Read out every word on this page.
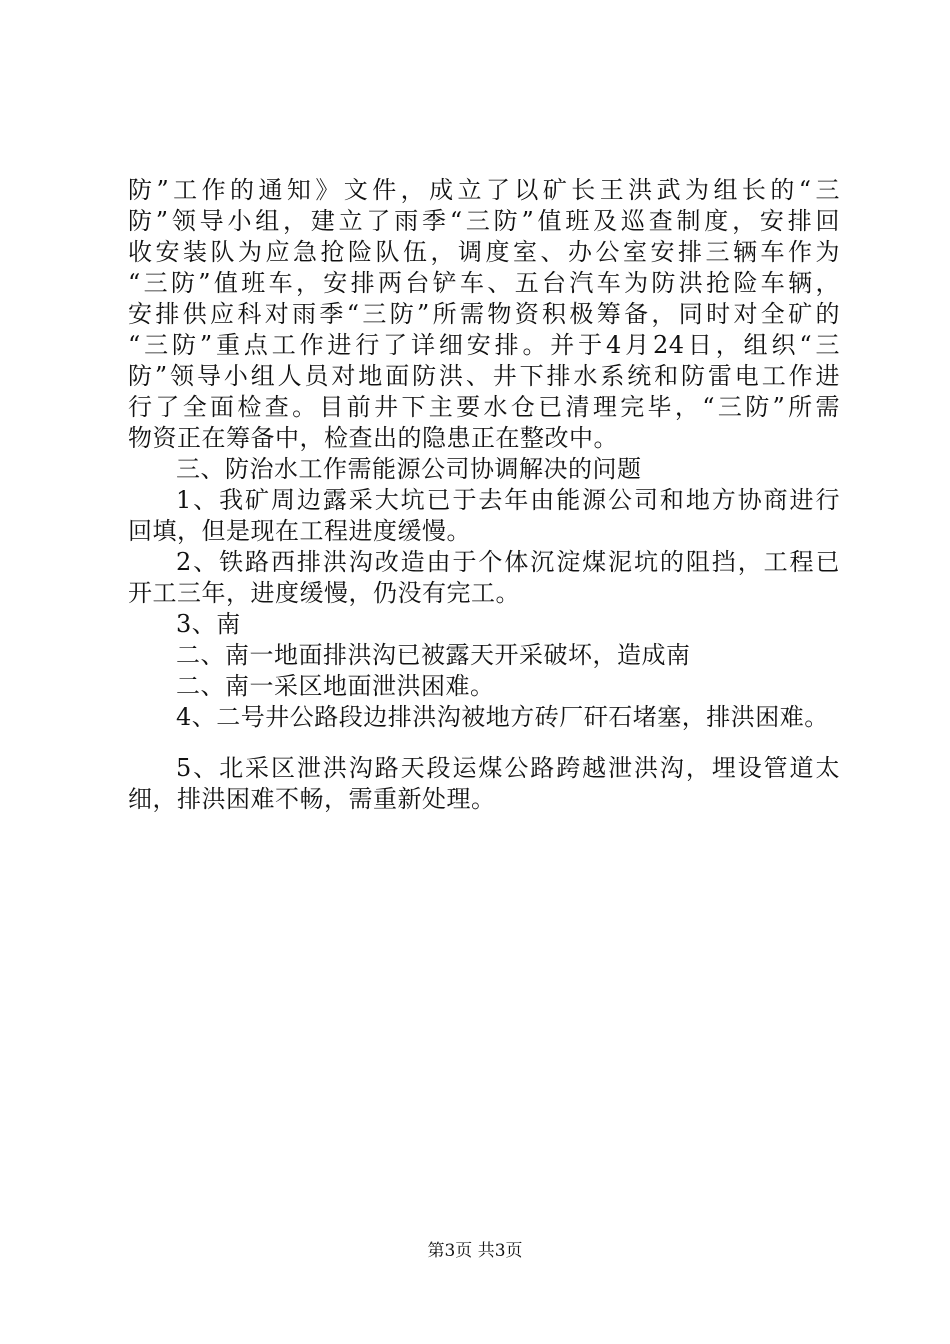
防”工作的通知》文件，成立了以矿长王洪武为组长的“三
防”领导小组，建立了雨季“三防”值班及巡查制度，安排回
收安装队为应急抢险队伍，调度室、办公室安排三辆车作为
“三防”值班车，安排两台铲车、五台汽车为防洪抢险车辆，
安排供应科对雨季“三防”所需物资积极筹备，同时对全矿的
“三防”重点工作进行了详细安排。并于4月24日，组织“三
防”领导小组人员对地面防洪、井下排水系统和防雷电工作进
行了全面检查。目前井下主要水仓已清理完毕，“三防”所需
物资正在筹备中，检查出的隐患正在整改中。
三、防治水工作需能源公司协调解决的问题
1、我矿周边露采大坑已于去年由能源公司和地方协商进行
回填，但是现在工程进度缓慢。
2、铁路西排洪沟改造由于个体沉淀煤泥坑的阻挡，工程已
开工三年，进度缓慢，仍没有完工。
3、南
二、南一地面排洪沟已被露天开采破坏，造成南
二、南一采区地面泄洪困难。
4、二号井公路段边排洪沟被地方砖厂矸石堵塞，排洪困难。
5、北采区泄洪沟路天段运煤公路跨越泄洪沟，埋设管道太
细，排洪困难不畅，需重新处理。
第3页 共3页
